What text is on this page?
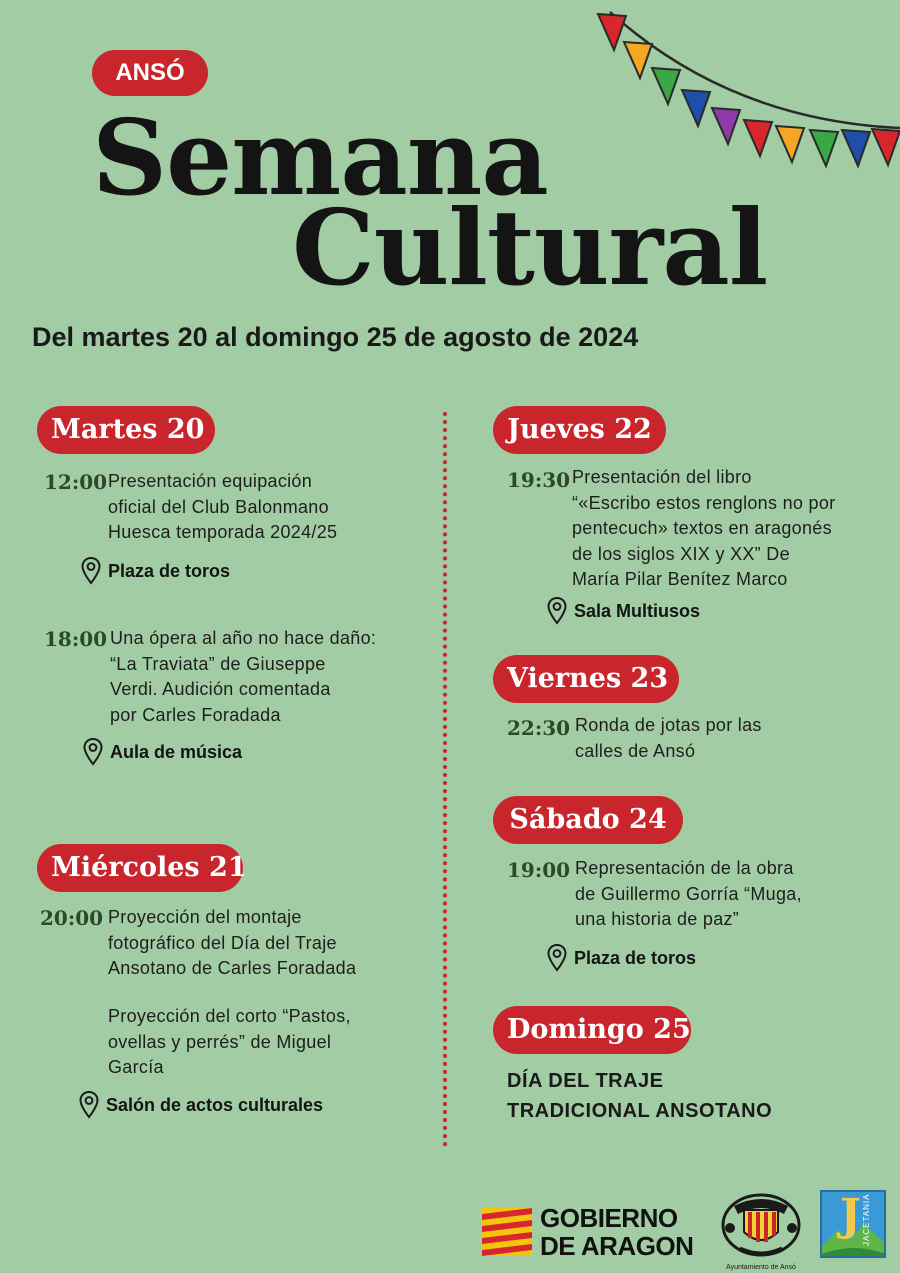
ANSÓ
Semana
Cultural
Del martes 20 al domingo 25 de agosto de 2024
Martes 20
12:00 Presentación equipación
oficial del Club Balonmano
Huesca temporada 2024/25
Plaza de toros
18:00 Una ópera al año no hace daño:
“La Traviata” de Giuseppe
Verdi. Audición comentada
por Carles Foradada
Aula de música
Miércoles 21
20:00 Proyección del montaje
fotográfico del Día del Traje
Ansotano de Carles Foradada
Proyección del corto “Pastos,
ovellas y perrés” de Miguel
García
Salón de actos culturales
Jueves 22
19:30 Presentación del libro
“«Escribo estos renglons no por
pentecuch» textos en aragonés
de los siglos XIX y XX” De
María Pilar Benítez Marco
Sala Multiusos
Viernes 23
22:30 Ronda de jotas por las
calles de Ansó
Sábado 24
19:00 Representación de la obra
de Guillermo Gorría “Muga,
una historia de paz”
Plaza de toros
Domingo 25
DÍA DEL TRAJE
TRADICIONAL ANSOTANO
GOBIERNO
DE ARAGON
Ayuntamiento de Ansó
J JACETANIA
